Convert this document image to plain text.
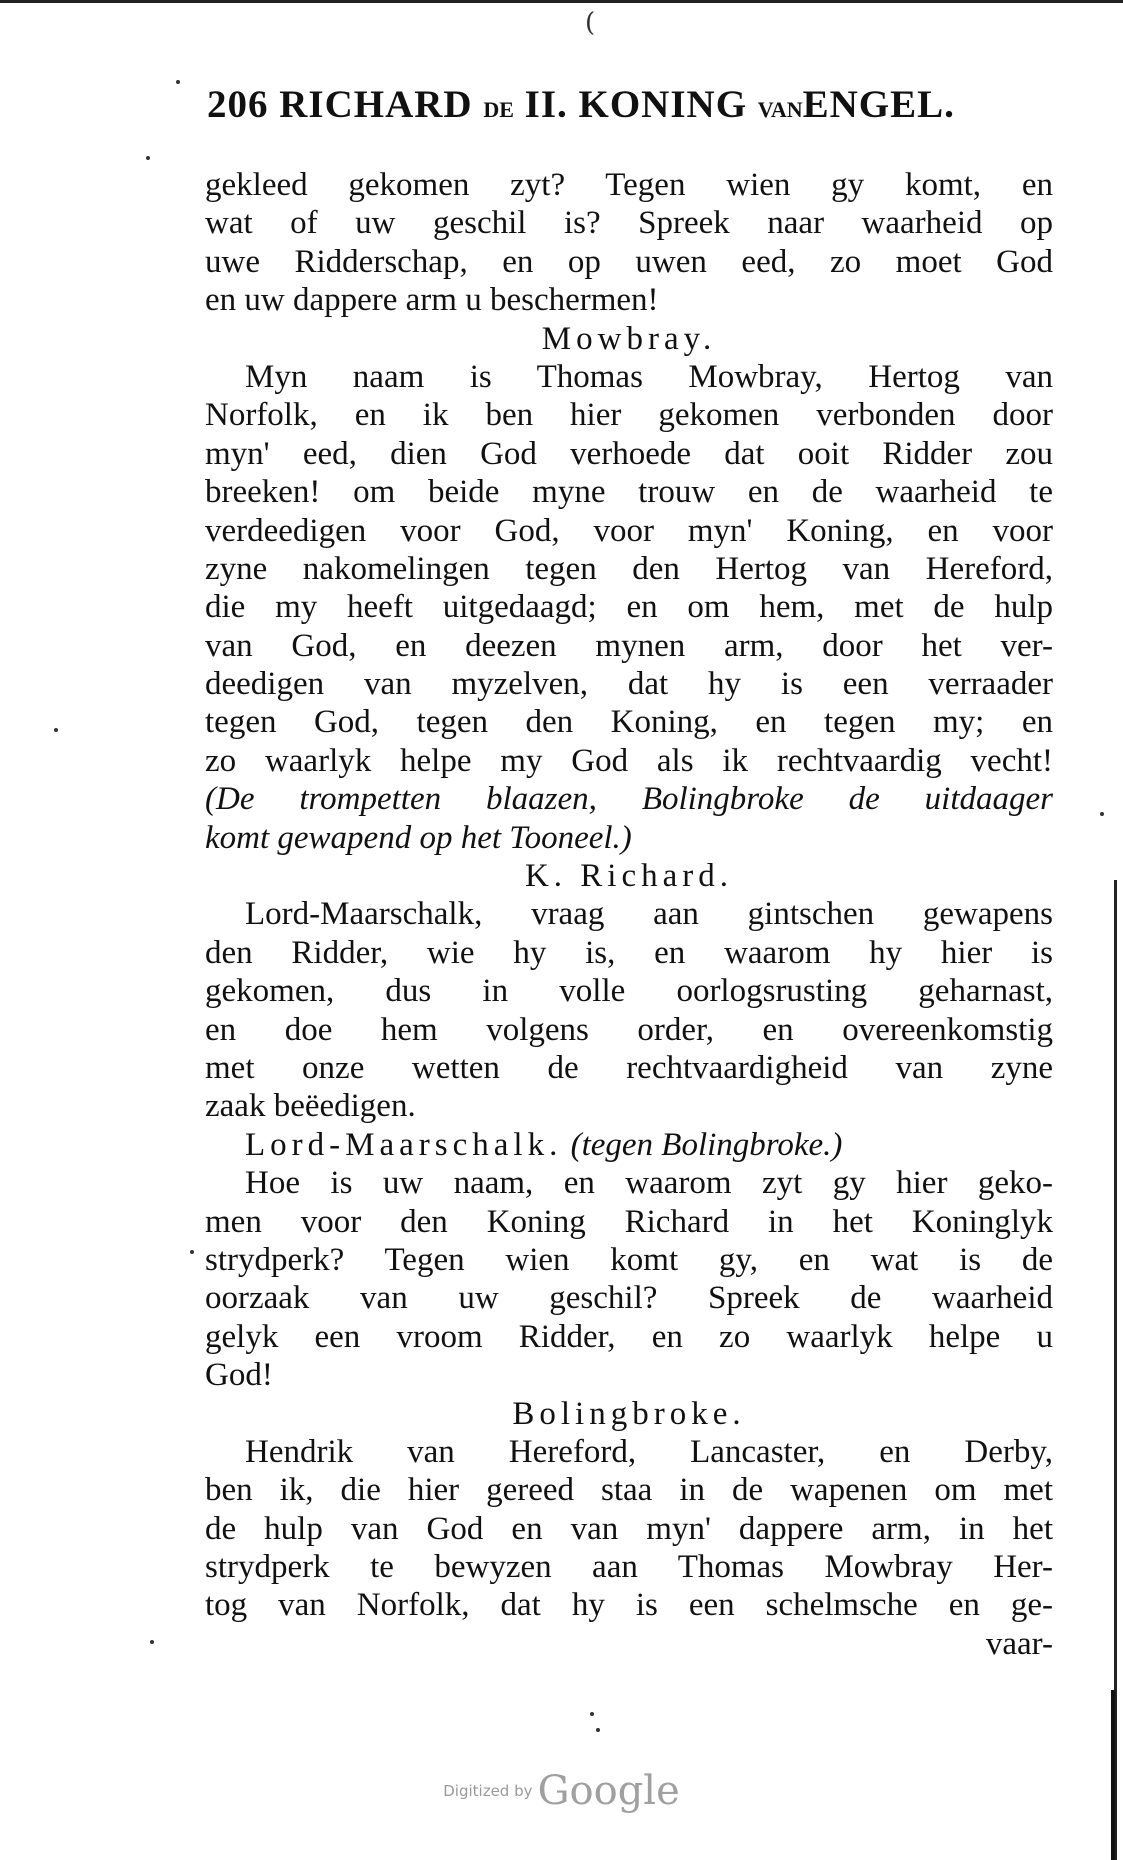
(
206 RICHARD DE II. KONING VANENGEL.
gekleed gekomen zyt? Tegen wien gy komt, en
wat of uw geschil is? Spreek naar waarheid op
uwe Ridderschap, en op uwen eed, zo moet God
en uw dappere arm u beschermen!
Mowbray.
Myn naam is Thomas Mowbray, Hertog van
Norfolk, en ik ben hier gekomen verbonden door
myn' eed, dien God verhoede dat ooit Ridder zou
breeken! om beide myne trouw en de waarheid te
verdeedigen voor God, voor myn' Koning, en voor
zyne nakomelingen tegen den Hertog van Hereford,
die my heeft uitgedaagd; en om hem, met de hulp
van God, en deezen mynen arm, door het ver-
deedigen van myzelven, dat hy is een verraader
tegen God, tegen den Koning, en tegen my; en
zo waarlyk helpe my God als ik rechtvaardig vecht!
(De trompetten blaazen, Bolingbroke de uitdaager
komt gewapend op het Tooneel.)
K. Richard.
Lord-Maarschalk, vraag aan gintschen gewapens
den Ridder, wie hy is, en waarom hy hier is
gekomen, dus in volle oorlogsrusting geharnast,
en doe hem volgens order, en overeenkomstig
met onze wetten de rechtvaardigheid van zyne
zaak beëedigen.
Lord-Maarschalk. (tegen Bolingbroke.)
Hoe is uw naam, en waarom zyt gy hier geko-
men voor den Koning Richard in het Koninglyk
strydperk? Tegen wien komt gy, en wat is de
oorzaak van uw geschil? Spreek de waarheid
gelyk een vroom Ridder, en zo waarlyk helpe u
God!
Bolingbroke.
Hendrik van Hereford, Lancaster, en Derby,
ben ik, die hier gereed staa in de wapenen om met
de hulp van God en van myn' dappere arm, in het
strydperk te bewyzen aan Thomas Mowbray Her-
tog van Norfolk, dat hy is een schelmsche en ge-
vaar-
Digitized by Google
